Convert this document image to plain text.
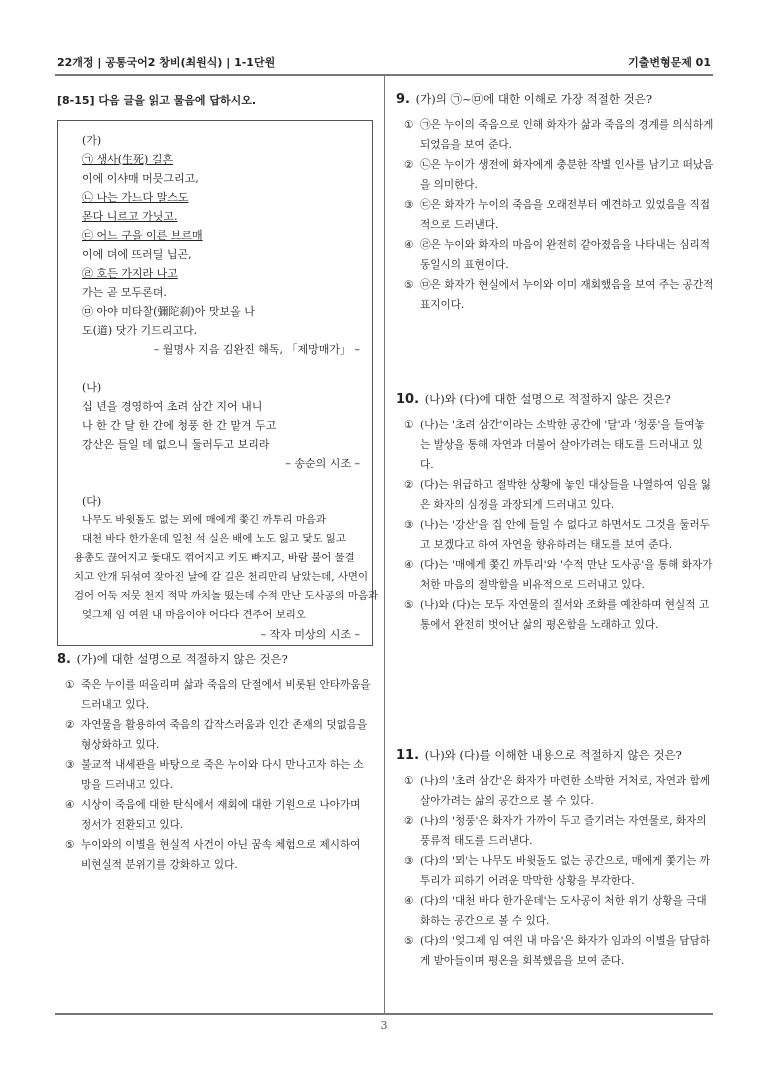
22개정 | 공통국어2 창비(최원식) | 1-1단원	기출변형문제 01
[8-15] 다음 글을 읽고 물음에 답하시오.
(가)
㉠ 생사(生死) 길흔
이에 이샤매 머믓그리고,
㉡ 나는 가느다 말스도
몯다 니르고 가닛고.
㉢ 어느 구을 이른 브르매
이에 뎌에 뜨러딜 닙곤,
㉣ 호든 가지라 나고
가는 곧 모두론뎌.
㉤ 아야 미타찰(彌陀刹)아 맛보올 나
도(道) 닷가 기드리고다.
– 월명사 지음 김완진 해독, 「제망매가」 –
(나)
십 년을 경영하여 초려 삼간 지어 내니
나 한 간 달 한 간에 청풍 한 간 맡겨 두고
강산은 들일 데 없으니 둘러두고 보리라
– 송순의 시조 –
(다)
나무도 바윗돌도 없는 뫼에 매에게 쫓긴 까투리 마음과
대천 바다 한가운데 일천 석 실은 배에 노도 잃고 닻도 잃고
용총도 끊어지고 돛대도 꺾어지고 키도 빠지고, 바람 불어 물결
치고 안개 뒤섞여 잦아진 날에 갈 길은 천리만리 남았는데, 사면이
검어 어둑 저뭇 천지 적막 까치놀 떴는데 수적 만난 도사공의 마음과
엊그제 임 여읜 내 마음이야 어다다 견주어 보리오
– 작자 미상의 시조 –
8. (가)에 대한 설명으로 적절하지 않은 것은?
① 죽은 누이를 떠올리며 삶과 죽음의 단절에서 비롯된 안타까움을 드러내고 있다.
② 자연물을 활용하여 죽음의 갑작스러움과 인간 존재의 덧없음을 형상화하고 있다.
③ 불교적 내세관을 바탕으로 죽은 누이와 다시 만나고자 하는 소망을 드러내고 있다.
④ 시상이 죽음에 대한 탄식에서 재회에 대한 기원으로 나아가며 정서가 전환되고 있다.
⑤ 누이와의 이별을 현실적 사건이 아닌 꿈속 체험으로 제시하여 비현실적 분위기를 강화하고 있다.
9. (가)의 ㉠~㉤에 대한 이해로 가장 적절한 것은?
① ㉠은 누이의 죽음으로 인해 화자가 삶과 죽음의 경계를 의식하게 되었음을 보여 준다.
② ㉡은 누이가 생전에 화자에게 충분한 작별 인사를 남기고 떠났음을 의미한다.
③ ㉢은 화자가 누이의 죽음을 오래전부터 예견하고 있었음을 직접적으로 드러낸다.
④ ㉣은 누이와 화자의 마음이 완전히 같아졌음을 나타내는 심리적 동일시의 표현이다.
⑤ ㉤은 화자가 현실에서 누이와 이미 재회했음을 보여 주는 공간적 표지이다.
10. (나)와 (다)에 대한 설명으로 적절하지 않은 것은?
① (나)는 '초려 삼간'이라는 소박한 공간에 '달'과 '청풍'을 들여놓는 발상을 통해 자연과 더불어 살아가려는 태도를 드러내고 있다.
② (다)는 위급하고 절박한 상황에 놓인 대상들을 나열하여 임을 잃은 화자의 심정을 과장되게 드러내고 있다.
③ (나)는 '강산'을 집 안에 들일 수 없다고 하면서도 그것을 둘러두고 보겠다고 하여 자연을 향유하려는 태도를 보여 준다.
④ (다)는 '매에게 쫓긴 까투리'와 '수적 만난 도사공'을 통해 화자가 처한 마음의 절박함을 비유적으로 드러내고 있다.
⑤ (나)와 (다)는 모두 자연물의 질서와 조화를 예찬하며 현실적 고통에서 완전히 벗어난 삶의 평온함을 노래하고 있다.
11. (나)와 (다)를 이해한 내용으로 적절하지 않은 것은?
① (나)의 '초려 삼간'은 화자가 마련한 소박한 거처로, 자연과 함께 살아가려는 삶의 공간으로 볼 수 있다.
② (나)의 '청풍'은 화자가 가까이 두고 즐기려는 자연물로, 화자의 풍류적 태도를 드러낸다.
③ (다)의 '뫼'는 나무도 바윗돌도 없는 공간으로, 매에게 쫓기는 까투리가 피하기 어려운 막막한 상황을 부각한다.
④ (다)의 '대천 바다 한가운데'는 도사공이 처한 위기 상황을 극대화하는 공간으로 볼 수 있다.
⑤ (다)의 '엊그제 임 여읜 내 마음'은 화자가 임과의 이별을 담담하게 받아들이며 평온을 회복했음을 보여 준다.
3
